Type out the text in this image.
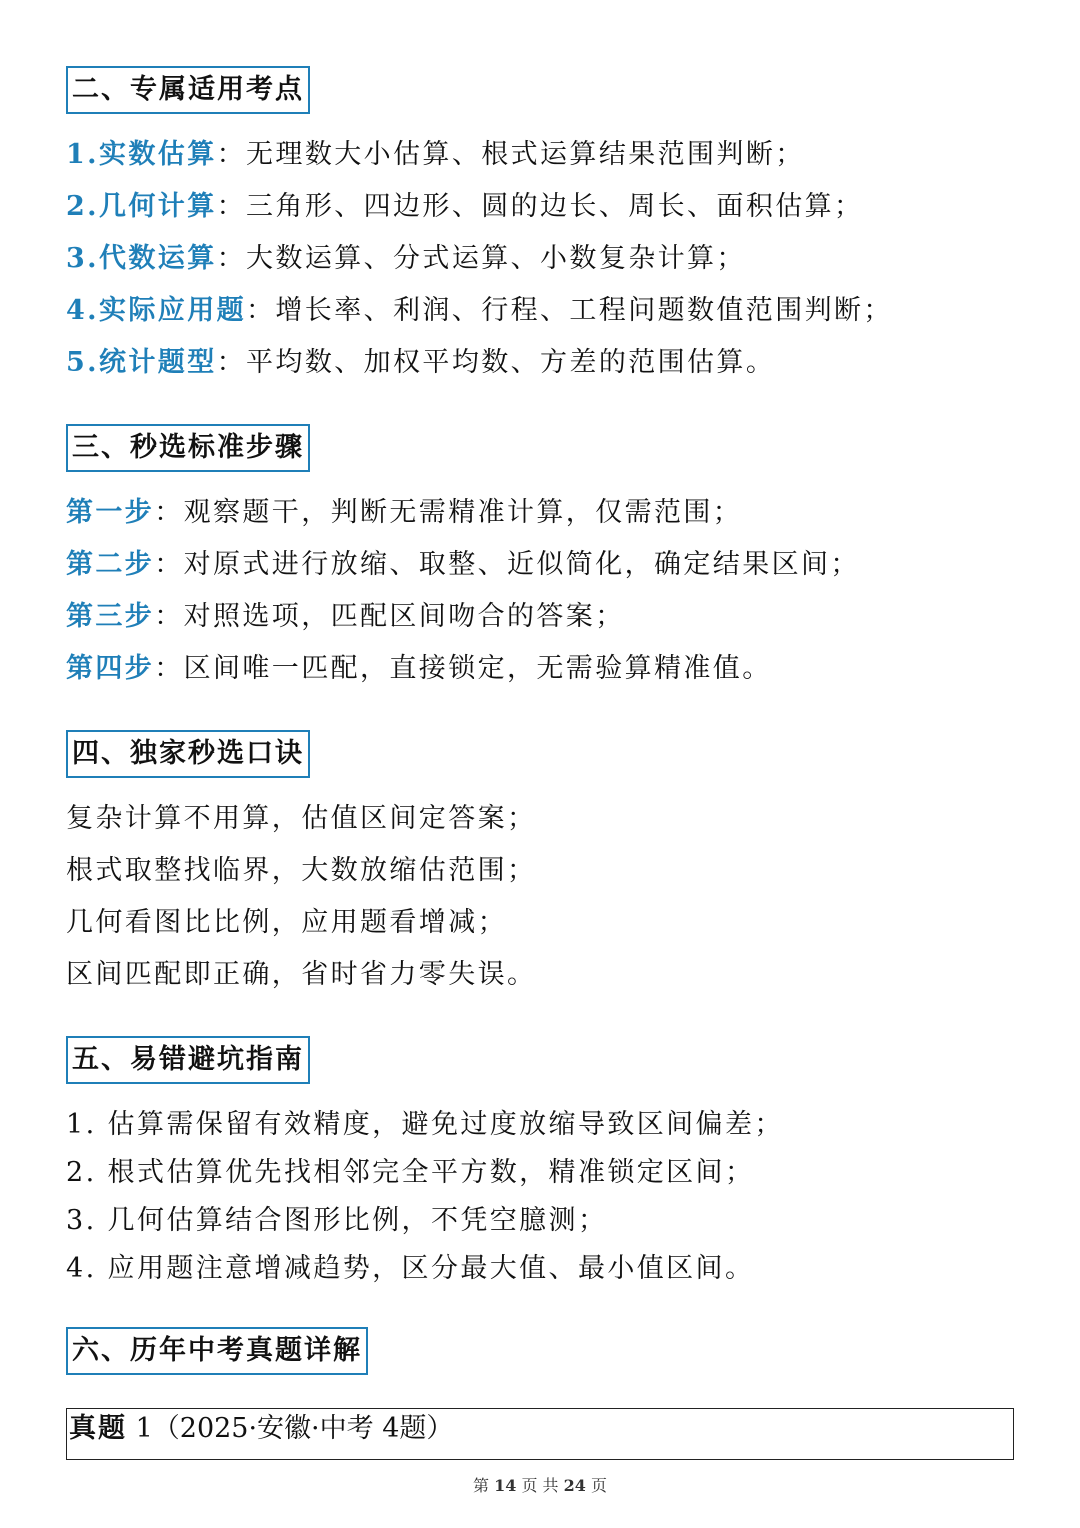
二、专属适用考点
1.实数估算：无理数大小估算、根式运算结果范围判断；
2.几何计算：三角形、四边形、圆的边长、周长、面积估算；
3.代数运算：大数运算、分式运算、小数复杂计算；
4.实际应用题：增长率、利润、行程、工程问题数值范围判断；
5.统计题型：平均数、加权平均数、方差的范围估算。
三、秒选标准步骤
第一步：观察题干，判断无需精准计算，仅需范围；
第二步：对原式进行放缩、取整、近似简化，确定结果区间；
第三步：对照选项，匹配区间吻合的答案；
第四步：区间唯一匹配，直接锁定，无需验算精准值。
四、独家秒选口诀
复杂计算不用算，估值区间定答案；
根式取整找临界，大数放缩估范围；
几何看图比比例，应用题看增减；
区间匹配即正确，省时省力零失误。
五、易错避坑指南
1. 估算需保留有效精度，避免过度放缩导致区间偏差；
2. 根式估算优先找相邻完全平方数，精准锁定区间；
3. 几何估算结合图形比例，不凭空臆测；
4. 应用题注意增减趋势，区分最大值、最小值区间。
六、历年中考真题详解
真题 1（2025·安徽·中考 4题）
第 14 页 共 24 页
